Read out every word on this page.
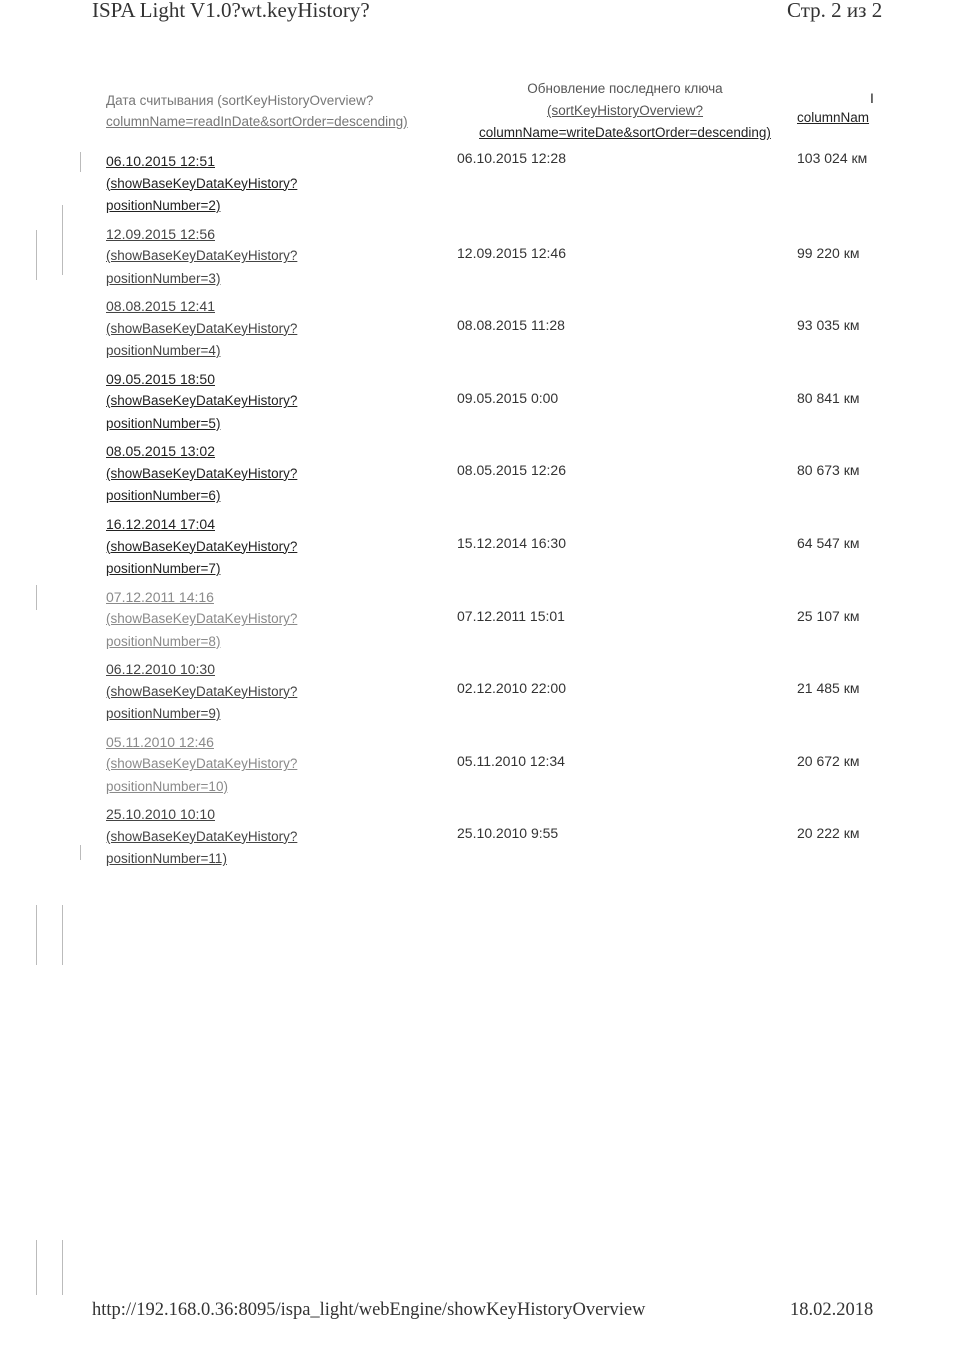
ISPA Light V1.0?wt.keyHistory?	Стр. 2 из 2
Дата считывания (sortKeyHistoryOverview?
columnName=readInDate&sortOrder=descending)
Обновление последнего ключа
(sortKeyHistoryOverview?
columnName=writeDate&sortOrder=descending)
I
columnNam
06.10.2015 12:51
(showBaseKeyDataKeyHistory?
positionNumber=2)
06.10.2015 12:28	103 024 км
12.09.2015 12:56
(showBaseKeyDataKeyHistory?
positionNumber=3)
12.09.2015 12:46	99 220 км
08.08.2015 12:41
(showBaseKeyDataKeyHistory?
positionNumber=4)
08.08.2015 11:28	93 035 км
09.05.2015 18:50
(showBaseKeyDataKeyHistory?
positionNumber=5)
09.05.2015 0:00	80 841 км
08.05.2015 13:02
(showBaseKeyDataKeyHistory?
positionNumber=6)
08.05.2015 12:26	80 673 км
16.12.2014 17:04
(showBaseKeyDataKeyHistory?
positionNumber=7)
15.12.2014 16:30	64 547 км
07.12.2011 14:16
(showBaseKeyDataKeyHistory?
positionNumber=8)
07.12.2011 15:01	25 107 км
06.12.2010 10:30
(showBaseKeyDataKeyHistory?
positionNumber=9)
02.12.2010 22:00	21 485 км
05.11.2010 12:46
(showBaseKeyDataKeyHistory?
positionNumber=10)
05.11.2010 12:34	20 672 км
25.10.2010 10:10
(showBaseKeyDataKeyHistory?
positionNumber=11)
25.10.2010 9:55	20 222 км
http://192.168.0.36:8095/ispa_light/webEngine/showKeyHistoryOverview	18.02.2018
